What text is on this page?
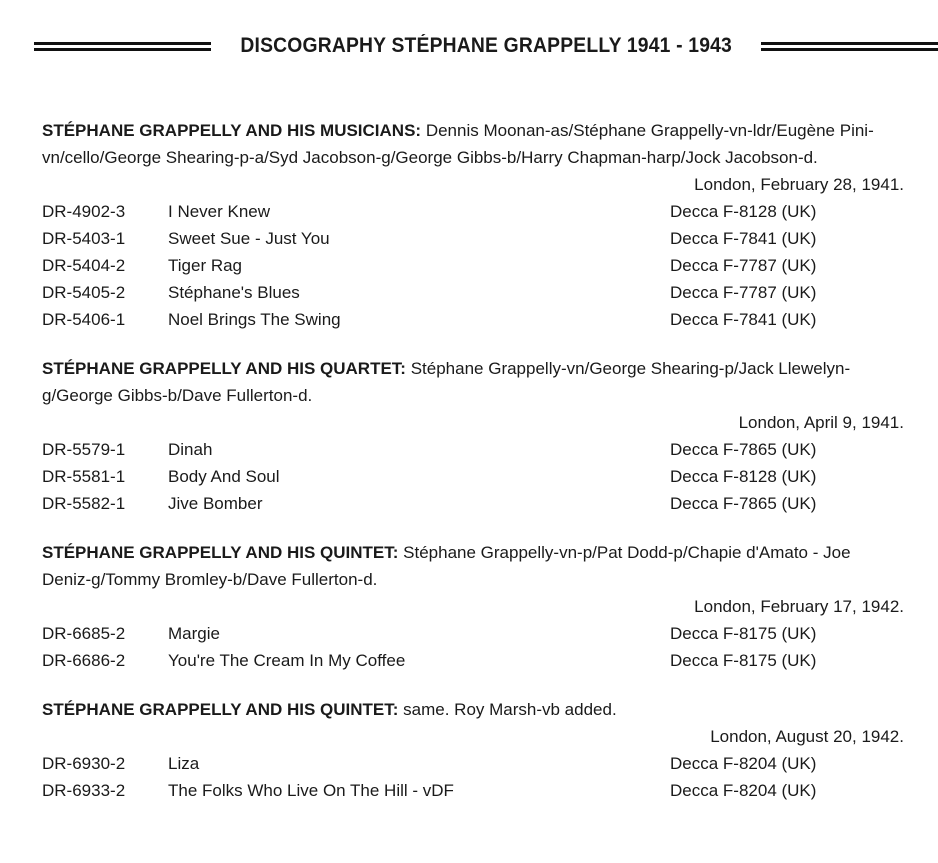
DISCOGRAPHY STÉPHANE GRAPPELLY 1941 - 1943

STÉPHANE GRAPPELLY AND HIS MUSICIANS: Dennis Moonan-as/Stéphane Grappelly-vn-ldr/Eugène Pini-vn/cello/George Shearing-p-a/Syd Jacobson-g/George Gibbs-b/Harry Chapman-harp/Jock Jacobson-d.

London, February 28, 1941.
DR-4902-3	I Never Knew	Decca F-8128 (UK)
DR-5403-1	Sweet Sue - Just You	Decca F-7841 (UK)
DR-5404-2	Tiger Rag	Decca F-7787 (UK)
DR-5405-2	Stéphane's Blues	Decca F-7787 (UK)
DR-5406-1	Noel Brings The Swing	Decca F-7841 (UK)

STÉPHANE GRAPPELLY AND HIS QUARTET: Stéphane Grappelly-vn/George Shearing-p/Jack Llewelyn-g/George Gibbs-b/Dave Fullerton-d.

London, April 9, 1941.
DR-5579-1	Dinah	Decca F-7865 (UK)
DR-5581-1	Body And Soul	Decca F-8128 (UK)
DR-5582-1	Jive Bomber	Decca F-7865 (UK)

STÉPHANE GRAPPELLY AND HIS QUINTET: Stéphane Grappelly-vn-p/Pat Dodd-p/Chapie d'Amato - Joe Deniz-g/Tommy Bromley-b/Dave Fullerton-d.

London, February 17, 1942.
DR-6685-2	Margie	Decca F-8175 (UK)
DR-6686-2	You're The Cream In My Coffee	Decca F-8175 (UK)

STÉPHANE GRAPPELLY AND HIS QUINTET: same. Roy Marsh-vb added.

London, August 20, 1942.
DR-6930-2	Liza	Decca F-8204 (UK)
DR-6933-2	The Folks Who Live On The Hill - vDF	Decca F-8204 (UK)
